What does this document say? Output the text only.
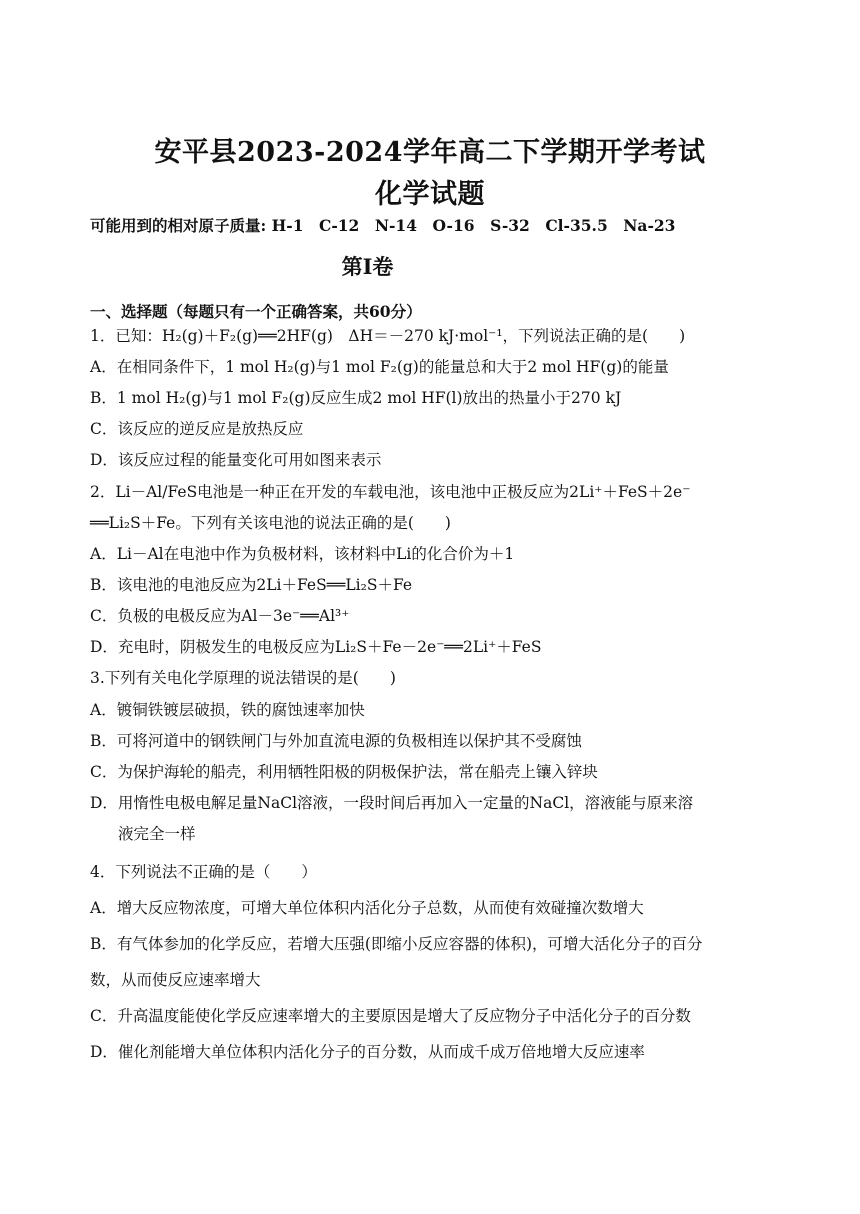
安平县2023-2024学年高二下学期开学考试
化学试题
可能用到的相对原子质量: H-1　C-12　N-14　O-16　S-32　Cl-35.5　Na-23
第I卷
一、选择题（每题只有一个正确答案，共60分）
1．已知：H₂(g)＋F₂(g)══2HF(g)　ΔH＝－270 kJ·mol⁻¹，下列说法正确的是(　　)
A．在相同条件下，1 mol H₂(g)与1 mol F₂(g)的能量总和大于2 mol HF(g)的能量
B．1 mol H₂(g)与1 mol F₂(g)反应生成2 mol HF(l)放出的热量小于270 kJ
C．该反应的逆反应是放热反应
D．该反应过程的能量变化可用如图来表示
2．Li－Al/FeS电池是一种正在开发的车载电池，该电池中正极反应为2Li⁺＋FeS＋2e⁻
══Li₂S＋Fe。下列有关该电池的说法正确的是(　　)
A．Li－Al在电池中作为负极材料，该材料中Li的化合价为＋1
B．该电池的电池反应为2Li＋FeS══Li₂S＋Fe
C．负极的电极反应为Al－3e⁻══Al³⁺
D．充电时，阴极发生的电极反应为Li₂S＋Fe－2e⁻══2Li⁺＋FeS
3.下列有关电化学原理的说法错误的是(　　)
A．镀铜铁镀层破损，铁的腐蚀速率加快
B．可将河道中的钢铁闸门与外加直流电源的负极相连以保护其不受腐蚀
C．为保护海轮的船壳，利用牺牲阳极的阴极保护法，常在船壳上镶入锌块
D．用惰性电极电解足量NaCl溶液，一段时间后再加入一定量的NaCl，溶液能与原来溶
液完全一样
4．下列说法不正确的是（　　）
A．增大反应物浓度，可增大单位体积内活化分子总数，从而使有效碰撞次数增大
B．有气体参加的化学反应，若增大压强(即缩小反应容器的体积)，可增大活化分子的百分
数，从而使反应速率增大
C．升高温度能使化学反应速率增大的主要原因是增大了反应物分子中活化分子的百分数
D．催化剂能增大单位体积内活化分子的百分数，从而成千成万倍地增大反应速率
